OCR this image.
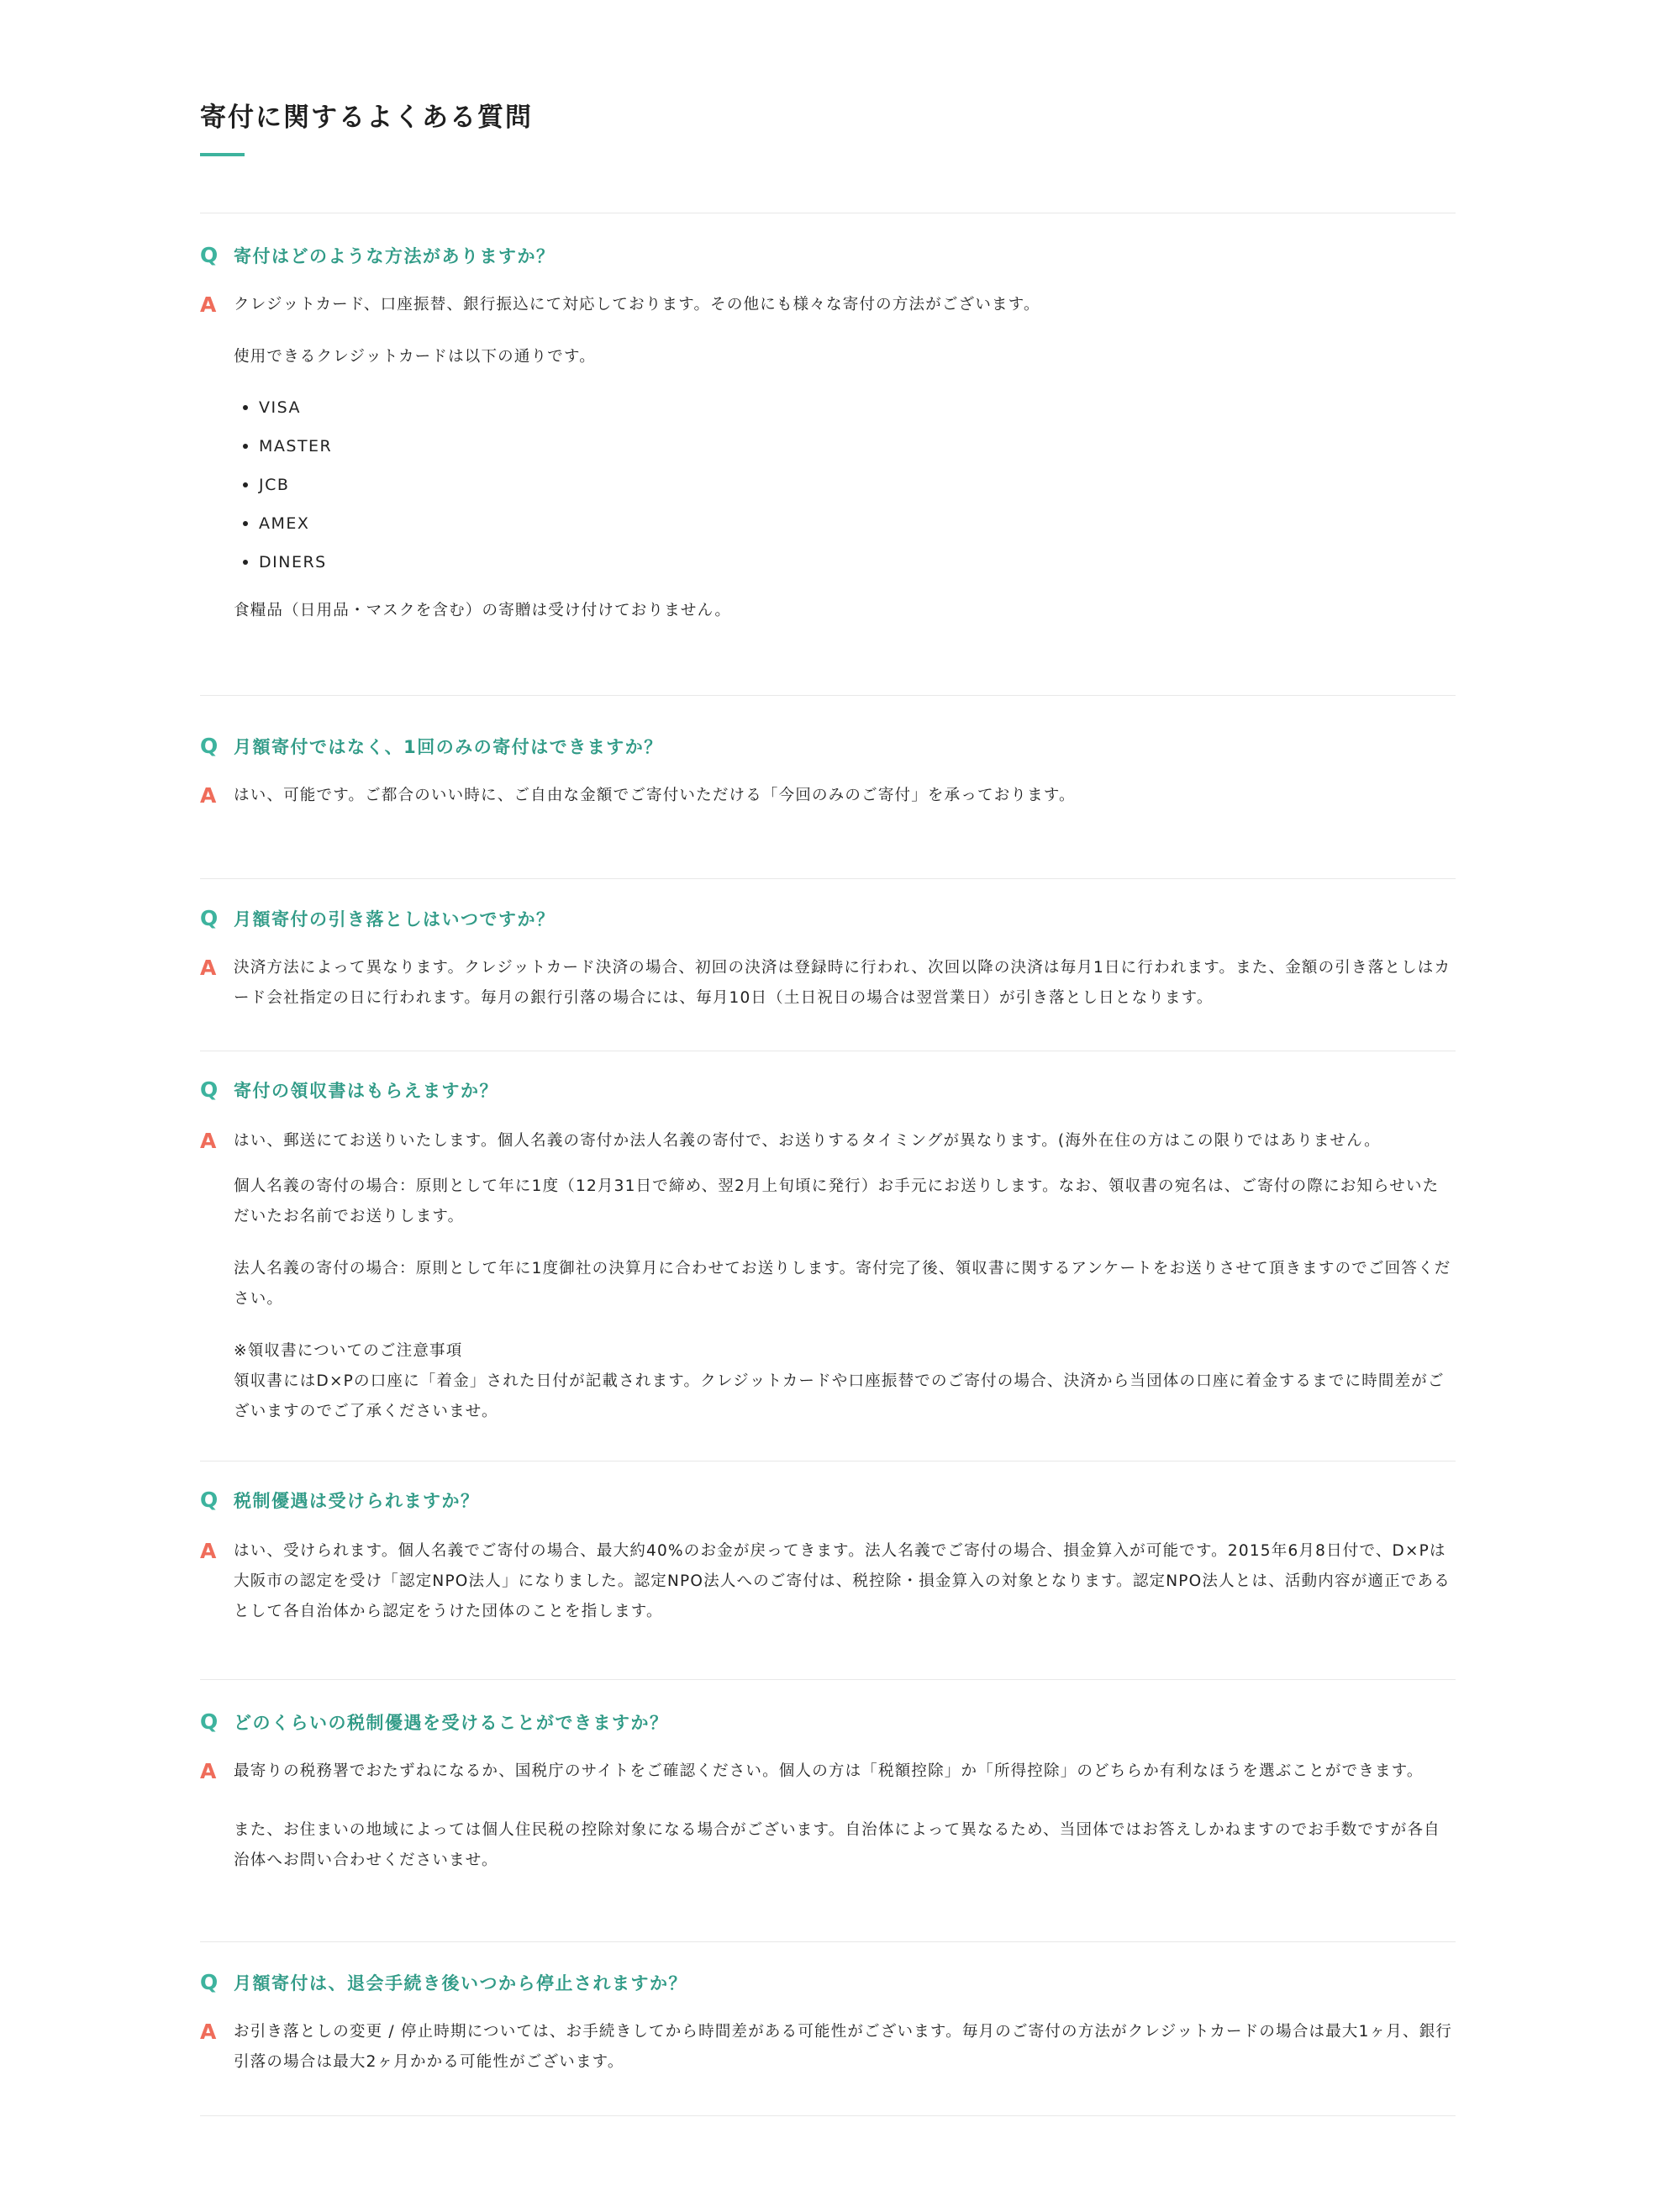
寄付に関するよくある質問
Q 寄付はどのような方法がありますか？
A クレジットカード、口座振替、銀行振込にて対応しております。その他にも様々な寄付の方法がございます。

使用できるクレジットカードは以下の通りです。

VISA
MASTER
JCB
AMEX
DINERS

食糧品（日用品・マスクを含む）の寄贈は受け付けておりません。

Q 月額寄付ではなく、1回のみの寄付はできますか？
A はい、可能です。ご都合のいい時に、ご自由な金額でご寄付いただける「今回のみのご寄付」を承っております。

Q 月額寄付の引き落としはいつですか？
A 決済方法によって異なります。クレジットカード決済の場合、初回の決済は登録時に行われ、次回以降の決済は毎月1日に行われます。また、金額の引き落としはカード会社指定の日に行われます。毎月の銀行引落の場合には、毎月10日（土日祝日の場合は翌営業日）が引き落とし日となります。

Q 寄付の領収書はもらえますか？
A はい、郵送にてお送りいたします。個人名義の寄付か法人名義の寄付で、お送りするタイミングが異なります。(海外在住の方はこの限りではありません。

個人名義の寄付の場合：原則として年に1度（12月31日で締め、翌2月上旬頃に発行）お手元にお送りします。なお、領収書の宛名は、ご寄付の際にお知らせいただいたお名前でお送りします。

法人名義の寄付の場合：原則として年に1度御社の決算月に合わせてお送りします。寄付完了後、領収書に関するアンケートをお送りさせて頂きますのでご回答ください。

※領収書についてのご注意事項

領収書にはD×Pの口座に「着金」された日付が記載されます。クレジットカードや口座振替でのご寄付の場合、決済から当団体の口座に着金するまでに時間差がございますのでご了承くださいませ。

Q 税制優遇は受けられますか？
A はい、受けられます。個人名義でご寄付の場合、最大約40%のお金が戻ってきます。法人名義でご寄付の場合、損金算入が可能です。2015年6月8日付で、D×Pは大阪市の認定を受け「認定NPO法人」になりました。認定NPO法人へのご寄付は、税控除・損金算入の対象となります。認定NPO法人とは、活動内容が適正であるとして各自治体から認定をうけた団体のことを指します。

Q どのくらいの税制優遇を受けることができますか？
A 最寄りの税務署でおたずねになるか、国税庁のサイトをご確認ください。個人の方は「税額控除」か「所得控除」のどちらか有利なほうを選ぶことができます。

また、お住まいの地域によっては個人住民税の控除対象になる場合がございます。自治体によって異なるため、当団体ではお答えしかねますのでお手数ですが各自治体へお問い合わせくださいませ。

Q 月額寄付は、退会手続き後いつから停止されますか？
A お引き落としの変更 / 停止時期については、お手続きしてから時間差がある可能性がございます。毎月のご寄付の方法がクレジットカードの場合は最大1ヶ月、銀行引落の場合は最大2ヶ月かかる可能性がございます。
